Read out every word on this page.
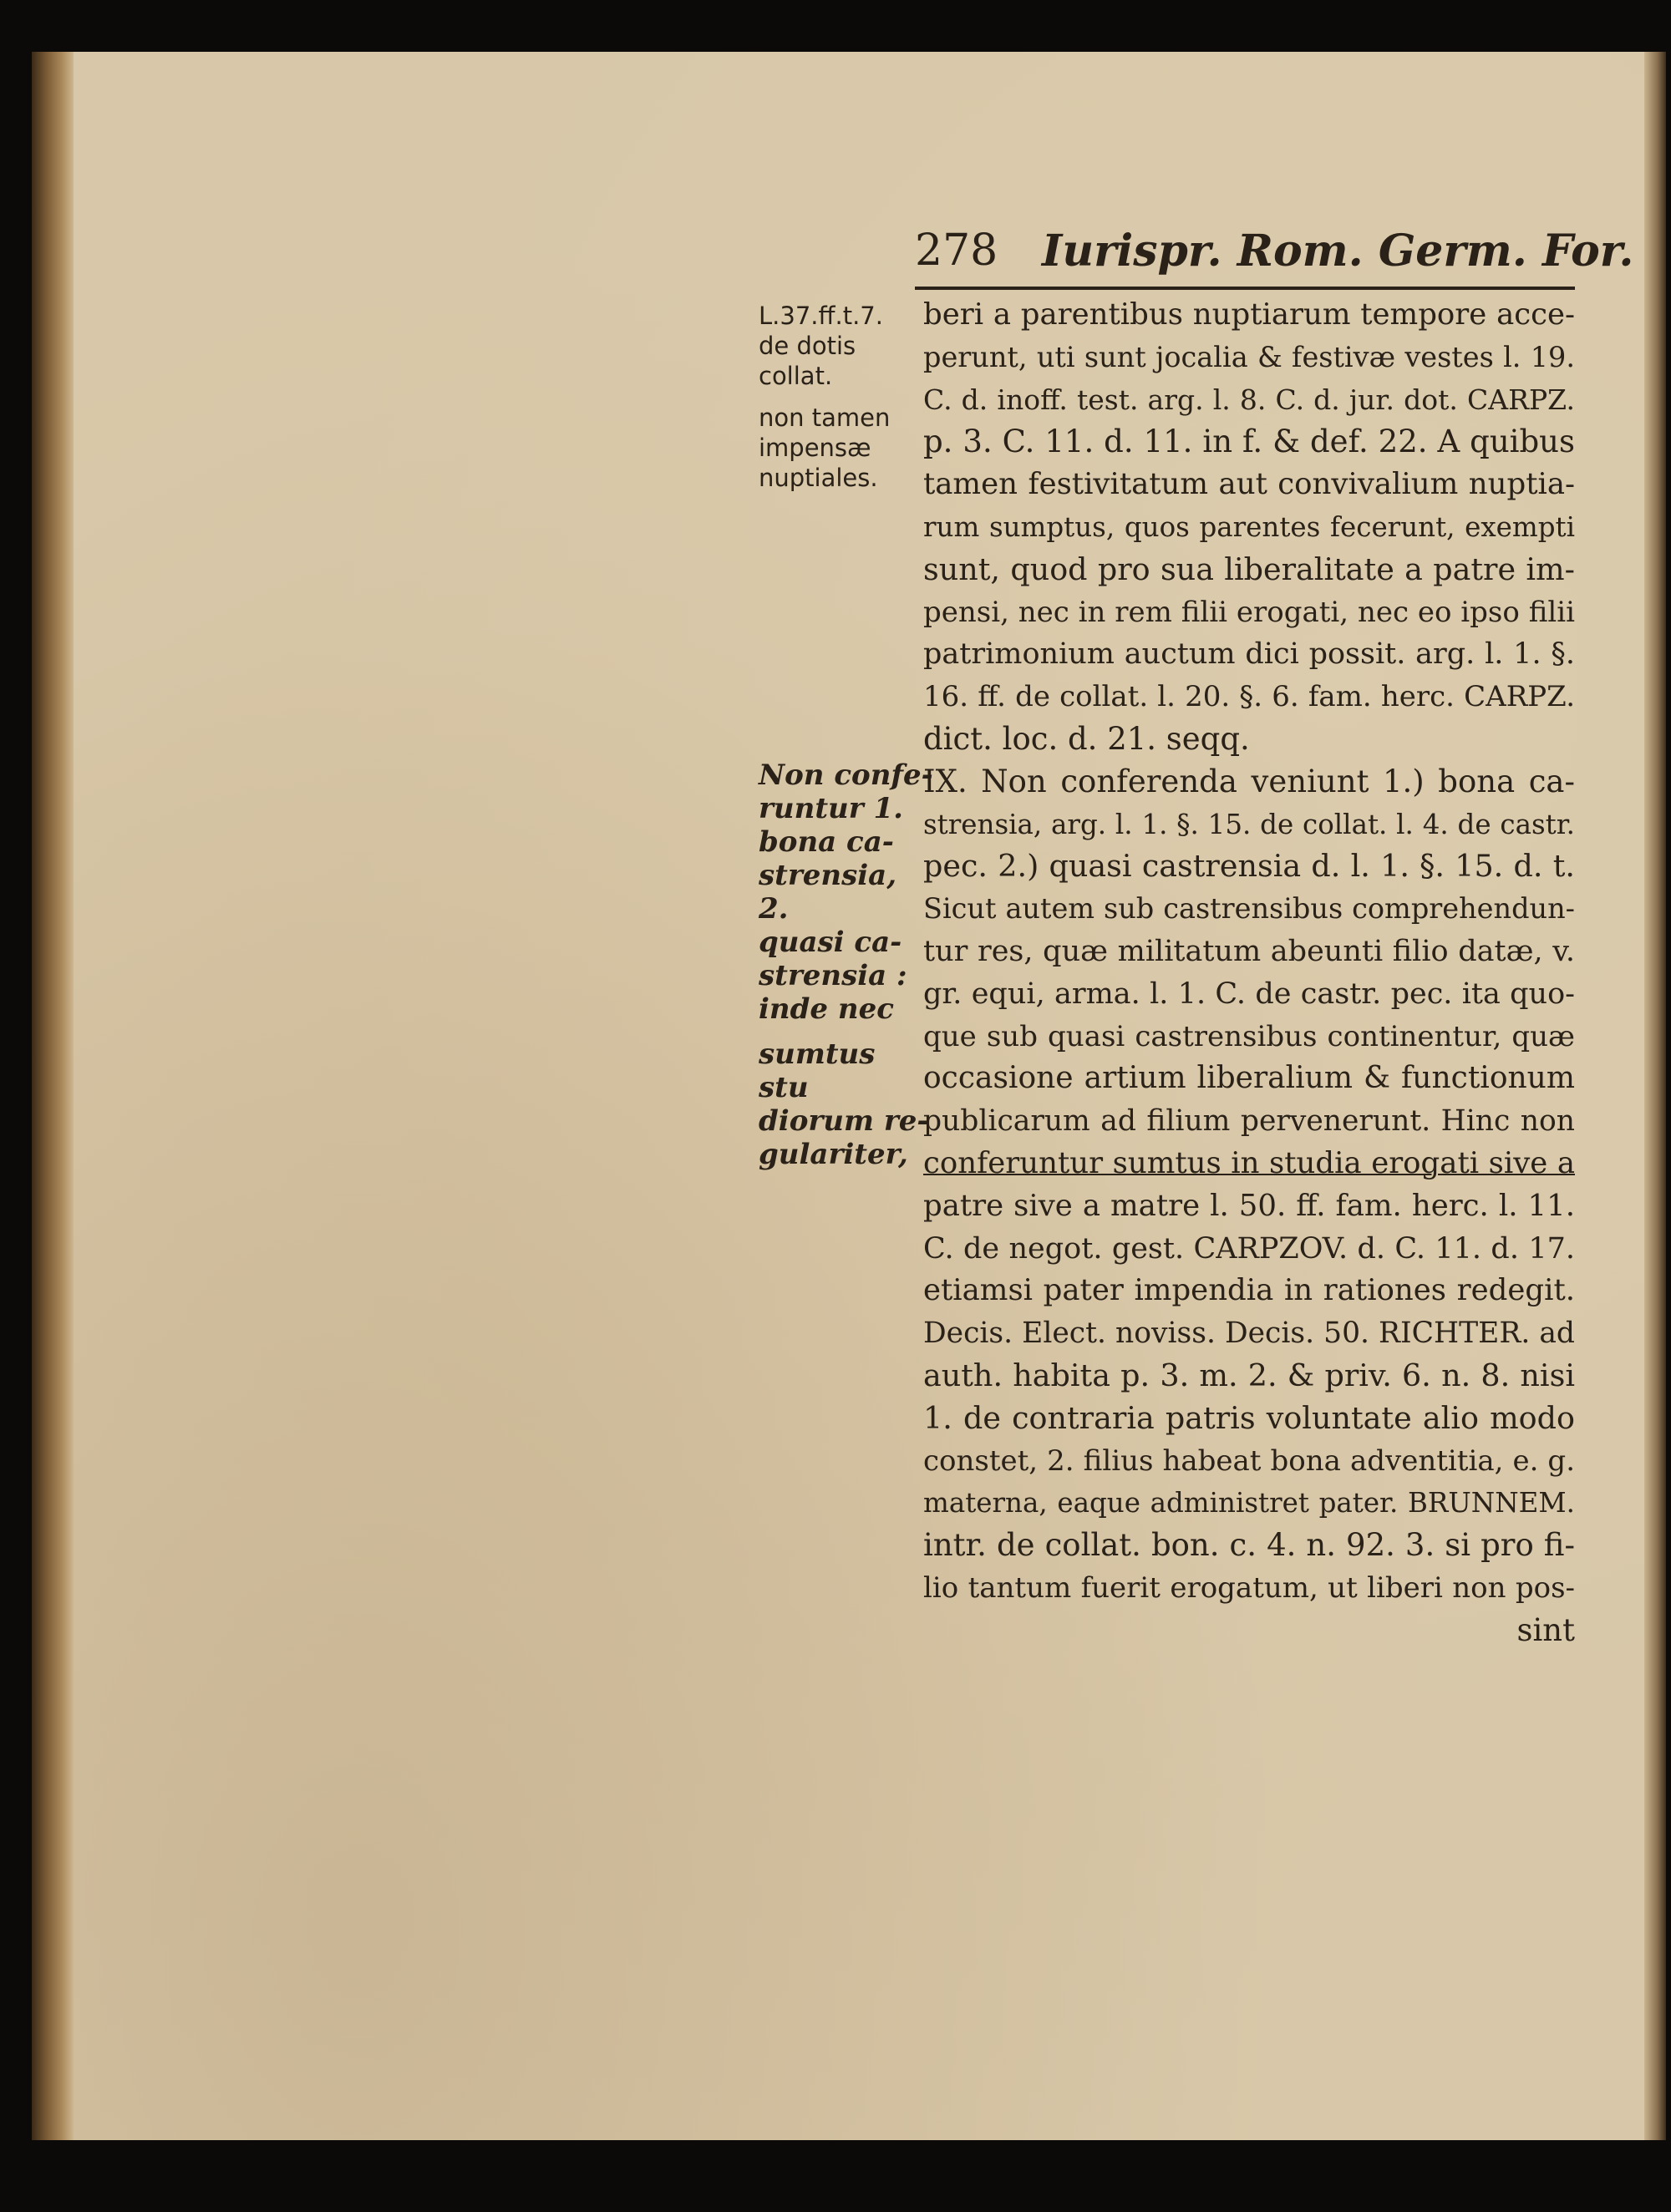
278 Iurispr. Rom. Germ. For.
L.37.ff.t.7.
de dotis
collat.
non tamen
impensæ
nuptiales.
Non confe-
runtur 1.
bona ca-
strensia, 2.
quasi ca-
strensia :
inde nec
sumtus stu
diorum re-
gulariter,
beri a parentibus nuptiarum tempore acce-
perunt, uti sunt jocalia & festivæ vestes l. 19.
C. d. inoff. test. arg. l. 8. C. d. jur. dot. CARPZ.
p. 3. C. 11. d. 11. in f. & def. 22. A quibus
tamen festivitatum aut convivalium nuptia-
rum sumptus, quos parentes fecerunt, exempti
sunt, quod pro sua liberalitate a patre im-
pensi, nec in rem filii erogati, nec eo ipso filii
patrimonium auctum dici possit. arg. l. 1. §.
16. ff. de collat. l. 20. §. 6. fam. herc. CARPZ.
dict. loc. d. 21. seqq.
IX. Non conferenda veniunt 1.) bona ca-
strensia, arg. l. 1. §. 15. de collat. l. 4. de castr.
pec. 2.) quasi castrensia d. l. 1. §. 15. d. t.
Sicut autem sub castrensibus comprehendun-
tur res, quæ militatum abeunti filio datæ, v.
gr. equi, arma. l. 1. C. de castr. pec. ita quo-
que sub quasi castrensibus continentur, quæ
occasione artium liberalium & functionum
publicarum ad filium pervenerunt. Hinc non
conferuntur sumtus in studia erogati sive a
patre sive a matre l. 50. ff. fam. herc. l. 11.
C. de negot. gest. CARPZOV. d. C. 11. d. 17.
etiamsi pater impendia in rationes redegit.
Decis. Elect. noviss. Decis. 50. RICHTER. ad
auth. habita p. 3. m. 2. & priv. 6. n. 8. nisi
1. de contraria patris voluntate alio modo
constet, 2. filius habeat bona adventitia, e. g.
materna, eaque administret pater. BRUNNEM.
intr. de collat. bon. c. 4. n. 92. 3. si pro fi-
lio tantum fuerit erogatum, ut liberi non pos-
sint
